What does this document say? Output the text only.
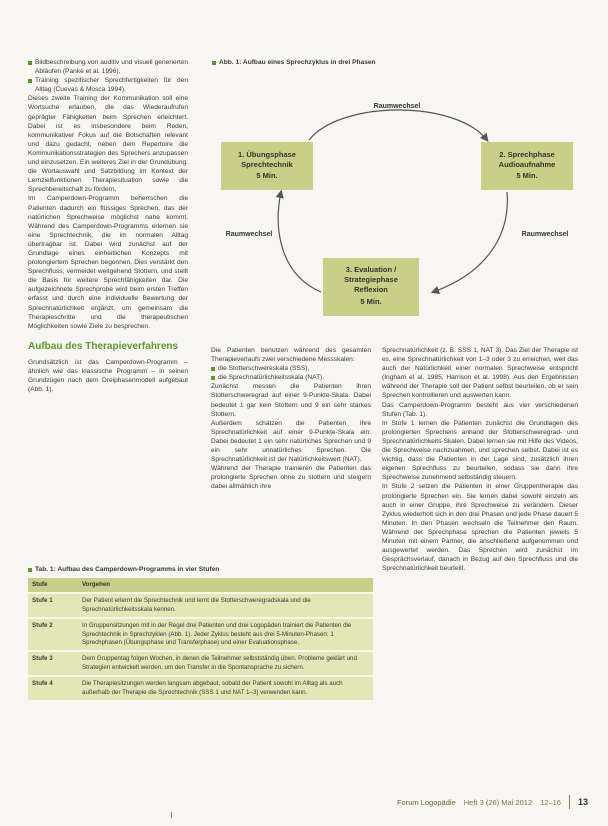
Bildbeschreibung von auditiv und visuell generierten Abläufen (Panke et al. 1996),
Training spezifischer Sprechfertigkeiten für den Alltag (Cuevas & Mosca 1994).

Dieses zweite Training der Kommunikation soll eine Wortsuche erlauben, die das Wiederaufrufen geprägter Fähigkeiten beim Sprechen erleichtert. Dabei ist es insbesondere beim Reden, kommunikativer Fokus auf die Botschaften relevant und dazu gedacht, neben dem Repertoire die Kommunikationsstrategien des Sprechers anzupassen und einzusetzen. Ein weiteres Ziel in der Grundübung: die Wortauswahl und Satzbildung im Kontext der Lernzielfunktionen Therapiesituation sowie die Sprechbereitschaft zu fördern.

Im Camperdown-Programm beherrschen die Patienten dadurch ein flüssiges Sprechen, das der natürlichen Sprechweise möglichst nahe kommt. Während des Camperdown-Programms erlernen sie eine Sprechtechnik, die im normalen Alltag übertragbar ist. Dabei wird zunächst auf der Grundlage eines einheitlichen Konzepts mit prolongiertem Sprechen begonnen. Dies verstärkt den Sprechfluss, vermeidet weitgehend Stottern, und stellt die Basis für weitere Sprechfähigkeiten dar. Die aufgezeichnete Sprechprobe wird beim ersten Treffen erfasst und durch eine individuelle Bewertung der Sprechnatürlichkeit ergänzt, um gemeinsam die Therapieschritte und die therapeutischen Möglichkeiten sowie Ziele zu besprechen.

Aufbau des Therapieverfahrens

Grundsätzlich ist das Camperdown-Programm – ähnlich wie das klassische Programm – in seinen Grundzügen nach dem Dreiphasenmodell aufgebaut (Abb. 1).

Abb. 1: Aufbau eines Sprechzyklus in drei Phasen
1. Übungsphase
Sprechtechnik
5 Min.
2. Sprechphase
Audioaufnahme
5 Min.
3. Evaluation /
Strategiephase
Reflexion
5 Min.
Raumwechsel
Raumwechsel	Raumwechsel

Die Patienten benutzen während des gesamten Therapieverlaufs zwei verschiedene Messskalen:

die Stotterschwereskala (SSS),
die Sprechnatürlichkeitsskala (NAT).

Zunächst messen die Patienten ihren Stotterschweregrad auf einer 9-Punkte-Skala. Dabei bedeutet 1 gar kein Stottern und 9 ein sehr starkes Stottern.

Außerdem schätzen die Patienten ihre Sprechnatürlichkeit auf einer 9-Punkte-Skala ein: Dabei bedeutet 1 ein sehr natürliches Sprechen und 9 ein sehr unnatürliches Sprechen. Die Sprechnatürlichkeit ist der Natürlichkeitswert (NAT).

Während der Therapie trainieren die Patienten das prolongierte Sprechen ohne zu stottern und steigern dabei allmählich ihre

Sprechnatürlichkeit (z. B. SSS 1, NAT 3). Das Ziel der Therapie ist es, eine Sprechnatürlichkeit von 1–3 oder 3 zu erreichen, weil das auch der Natürlichkeit einer normalen Sprechweise entspricht (Ingham et al. 1985, Harrison et al. 1998). Aus den Ergebnissen während der Therapie soll der Patient selbst beurteilen, ob er sein Sprechen kontrollieren und auswerten kann.

Das Camperdown-Programm besteht aus vier verschiedenen Stufen (Tab. 1).

In Stufe 1 lernen die Patienten zunächst die Grundlagen des prolongierten Sprechens anhand der Stotterschweregrad- und Sprechnatürlichkeits-Skalen. Dabei lernen sie mit Hilfe des Videos, die Sprechweise nachzuahmen, und sprechen selbst. Dabei ist es wichtig, dass die Patienten in der Lage sind, zusätzlich ihren eigenen Sprechfluss zu beurteilen, sodass sie dann ihre Sprechweise zunehmend selbständig steuern.

In Stufe 2 setzen die Patienten in einer Gruppentherapie das prolongierte Sprechen ein. Sie lernen dabei sowohl einzeln als auch in einer Gruppe, ihre Sprechweise zu verändern. Dieser Zyklus wiederholt sich in den drei Phasen und jede Phase dauert 5 Minuten. In den Phasen wechseln die Teilnehmer den Raum. Während der Sprechphase sprechen die Patienten jeweils 5 Minuten mit einem Partner, die anschließend aufgenommen und ausgewertet werden. Das Sprechen wird zunächst im Gesprächsverlauf, danach in Bezug auf den Sprechfluss und die Sprechnatürlichkeit beurteilt.

Tab. 1: Aufbau des Camperdown-Programms in vier Stufen
Stufe	Vorgehen
Stufe 1	Der Patient erlernt die Sprechtechnik und lernt die Stotterschweregradskala und die Sprechnatürlichkeitsskala kennen.
Stufe 2	In Gruppensitzungen mit in der Regel drei Patienten und drei Logopäden trainiert die Patienten die Sprechtechnik in Sprechzyklen (Abb. 1). Jeder Zyklus besteht aus drei 5-Minuten-Phasen: 1 Sprechphasen (Übungsphase und Transferphase) und einer Evaluationsphase.
Stufe 3	Dem Gruppentag folgen Wochen, in denen die Teilnehmer selbstständig üben. Probleme geklärt und Strategien entwickelt werden, um den Transfer in die Spontansprache zu sichern.
Stufe 4	Die Therapiesitzungen werden langsam abgebaut, sobald der Patient sowohl im Alltag als auch außerhalb der Therapie die Sprechtechnik (SSS 1 und NAT 1–3) verwenden kann.
Forum Logopädie Heft 3 (26) Mai 2012 12–16 13
